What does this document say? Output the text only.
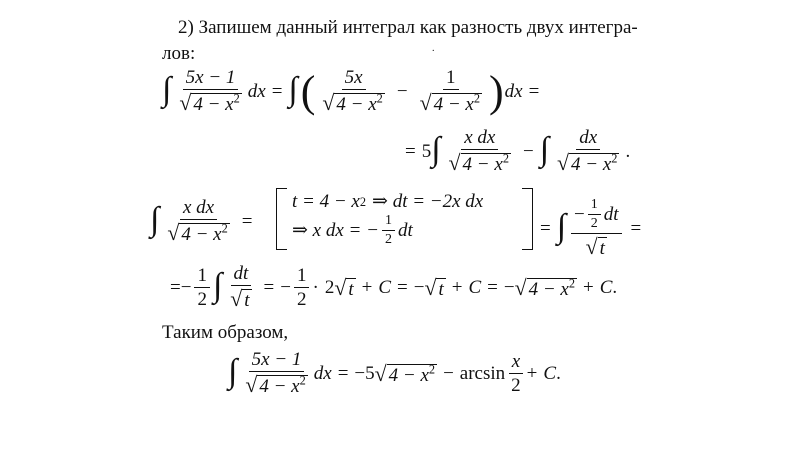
2) Запишем данный интеграл как разность двух интегра-
лов:	.
∫ $\frac{5x - 1}{√ 4 - x^2}$ dx = ∫ ( $\frac{5x}{√ 4 - x^2} - \frac{1}{√ 4 - x^2}$ ) dx =
= 5 ∫ $\frac{\text{x dx}}{√ 4 - x^2}$ − ∫ $\frac{dx}{√ 4 - x^2}$ .
∫ $\frac{\text{x dx}}{√ 4 - x^2}$ =
t = 4 − x 2 ⇒ dt = −2x dx
⇒ x dx = − $\frac{1}{2}$ dt	= ∫ $\frac{- \frac{1}{2} dt}{√ t}$ =
= − $\frac{1}{2}$ ∫ $\frac{dt}{√ t}$ = − $\frac{1}{2} \cdot 2$ √ t + C = − √ t + C = − √ $4 - x^2 + C$ .
Таким образом,
∫ $\frac{5x - 1}{√ 4 - x^2}$ dx = −5 √ $4 - x^2 - \arcsin \frac{x}{2} + C$ .
